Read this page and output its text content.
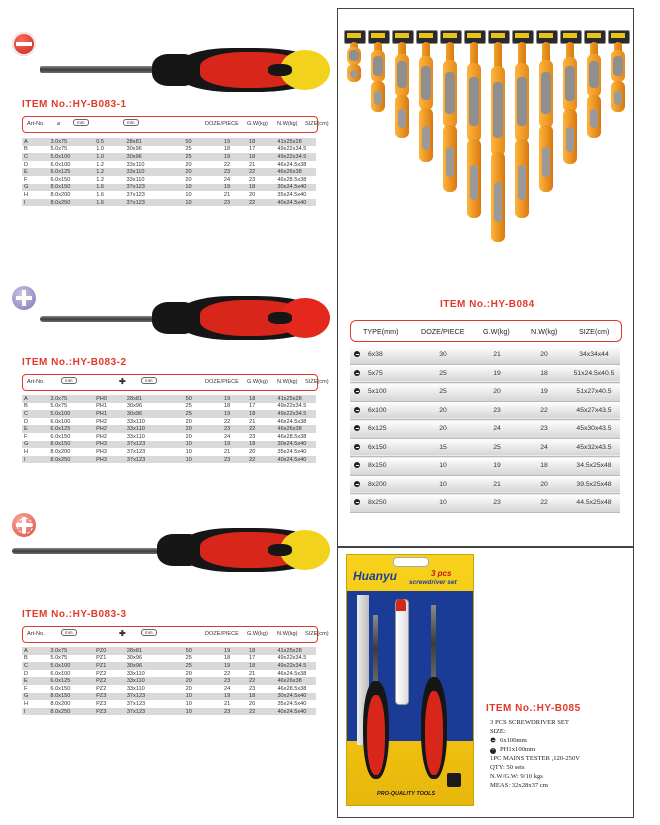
ITEM No.:HY-B083-1
Art-No. ⌀	mm	mm	DOZE/PIECE G.W(kg) N.W(kg) SIZE(cm)
A	3.0x75	0.5	28x81	50	19	18	41x25x28
B	5.0x75	1.0	30x96	25	18	17	49x22x34.5
C	5.0x100	1.0	30x96	25	19	18	49x22x34.5
D	6.0x100	1.2	33x110	20	22	21	46x24.5x38
E	6.0x125	1.2	33x110	20	23	22	46x26x38
F	6.0x150	1.2	33x110	20	24	23	46x28.5x38
G	8.0x150	1.6	37x123	10	19	18	30x24.5x40
H	8.0x200	1.6	37x123	10	21	20	35x24.5x40
I	8.0x250	1.6	37x123	10	23	22	40x24.5x40
ITEM No.:HY-B083-2
Art-No.	mm	✚	mm	DOZE/PIECE G.W(kg) N.W(kg) SIZE(cm)
A	3.0x75	PH0	28x81	50	19	18	41x25x28
B	5.0x75	PH1	30x96	25	18	17	49x22x34.5
C	5.0x100	PH1	30x96	25	19	18	49x22x34.5
D	6.0x100	PH2	33x110	20	22	21	46x24.5x38
E	6.0x125	PH2	33x110	20	23	22	46x26x38
F	6.0x150	PH2	33x110	20	24	23	46x28.5x38
G	8.0x150	PH3	37x123	10	19	18	30x24.5x40
H	8.0x200	PH3	37x123	10	21	20	35x24.5x40
I	8.0x250	PH3	37x123	10	23	22	40x24.5x40
ITEM No.:HY-B083-3
Art-No.	mm	✚	mm	DOZE/PIECE G.W(kg) N.W(kg) SIZE(cm)
A	3.0x75	PZ0	28x81	50	19	18	41x25x28
B	5.0x75	PZ1	30x96	25	18	17	49x22x34.5
C	5.0x100	PZ1	30x96	25	19	18	49x22x34.5
D	6.0x100	PZ2	33x110	20	22	21	46x24.5x38
E	6.0x125	PZ2	33x110	20	23	22	46x26x38
F	6.0x150	PZ2	33x110	20	24	23	46x28.5x38
G	8.0x150	PZ3	37x123	10	19	18	30x24.5x40
H	8.0x200	PZ3	37x123	10	21	20	35x24.5x40
I	8.0x250	PZ3	37x123	10	23	22	40x24.5x40
ITEM No.:HY-B084
TYPE(mm)	DOZE/PIECE	G.W(kg)	N.W(kg)	SIZE(cm)
6x38	30	21	20	34x34x44
5x75	25	19	18	51x24.5x40.5
5x100	25	20	19	51x27x40.5
6x100	20	23	22	45x27x43.5
6x125	20	24	23	45x30x43.5
6x150	15	25	24	45x32x43.5
8x150	10	19	18	34.5x25x48
8x200	10	21	20	39.5x25x48
8x250	10	23	22	44.5x25x48
Huanyu	3 pcs
screwdriver set
PRO-QUALITY TOOLS
ITEM No.:HY-B085
3 PCS SCREWDRIVER SET
SIZE:
6x100mm
+ PH1x100mm
1PC MAINS TESTER ,120-250V
QTY: 50 sets
N.W/G.W: 9/10 kgs
MEAS: 32x28x37 cm
